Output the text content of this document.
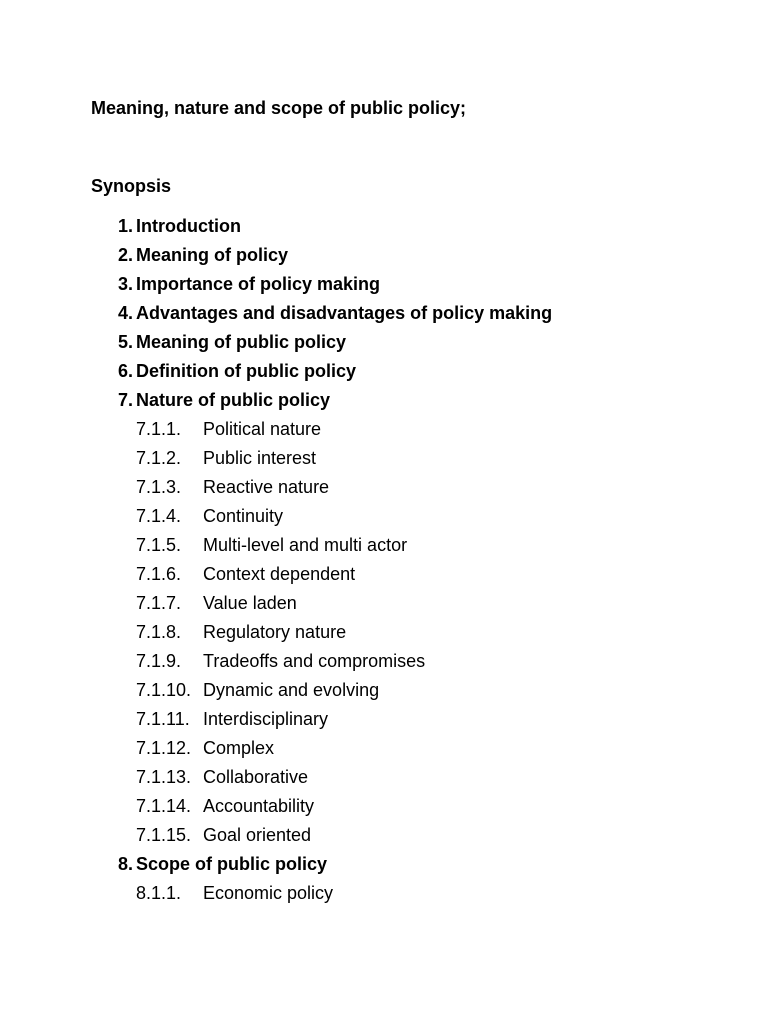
Meaning, nature and scope of public policy;
Synopsis
1. Introduction
2. Meaning of policy
3. Importance of policy making
4. Advantages and disadvantages of policy making
5. Meaning of public policy
6. Definition of public policy
7. Nature of public policy
7.1.1. Political nature
7.1.2. Public interest
7.1.3. Reactive nature
7.1.4. Continuity
7.1.5. Multi-level and multi actor
7.1.6. Context dependent
7.1.7. Value laden
7.1.8. Regulatory nature
7.1.9. Tradeoffs and compromises
7.1.10. Dynamic and evolving
7.1.11. Interdisciplinary
7.1.12. Complex
7.1.13. Collaborative
7.1.14. Accountability
7.1.15. Goal oriented
8. Scope of public policy
8.1.1. Economic policy
